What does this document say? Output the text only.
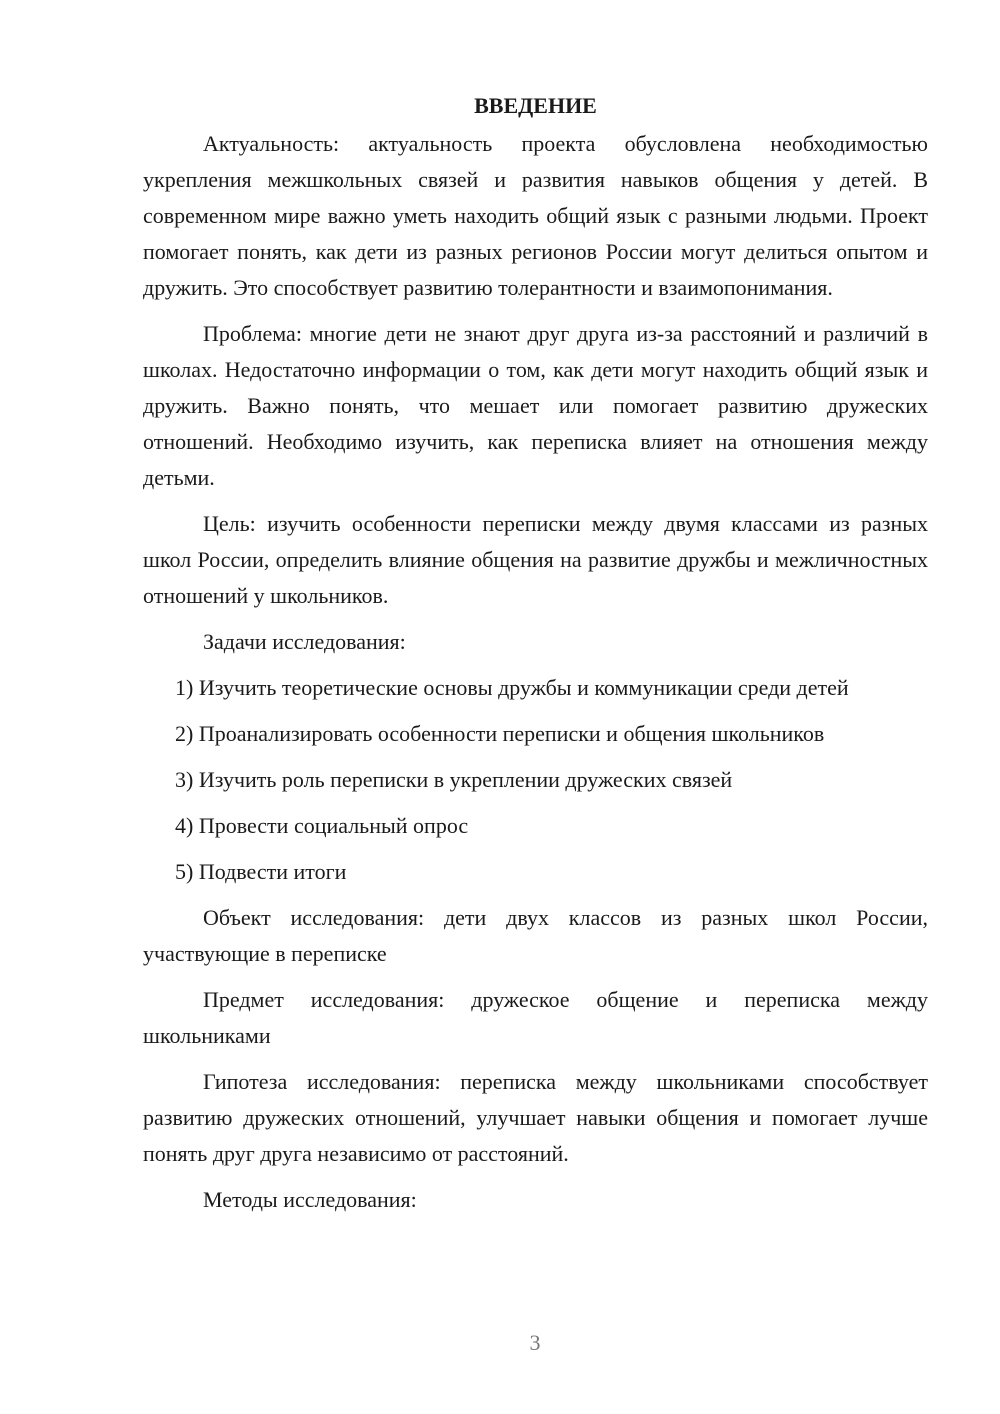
ВВЕДЕНИЕ

Актуальность: актуальность проекта обусловлена необходимостью укрепления межшкольных связей и развития навыков общения у детей. В современном мире важно уметь находить общий язык с разными людьми. Проект помогает понять, как дети из разных регионов России могут делиться опытом и дружить. Это способствует развитию толерантности и взаимопонимания.

Проблема: многие дети не знают друг друга из-за расстояний и различий в школах. Недостаточно информации о том, как дети могут находить общий язык и дружить. Важно понять, что мешает или помогает развитию дружеских отношений. Необходимо изучить, как переписка влияет на отношения между детьми.

Цель: изучить особенности переписки между двумя классами из разных школ России, определить влияние общения на развитие дружбы и межличностных отношений у школьников.

Задачи исследования:

1) Изучить теоретические основы дружбы и коммуникации среди детей

2) Проанализировать особенности переписки и общения школьников

3) Изучить роль переписки в укреплении дружеских связей

4) Провести социальный опрос

5) Подвести итоги

Объект исследования: дети двух классов из разных школ России, участвующие в переписке

Предмет исследования: дружеское общение и переписка между школьниками

Гипотеза исследования: переписка между школьниками способствует развитию дружеских отношений, улучшает навыки общения и помогает лучше понять друг друга независимо от расстояний.

Методы исследования:

3
